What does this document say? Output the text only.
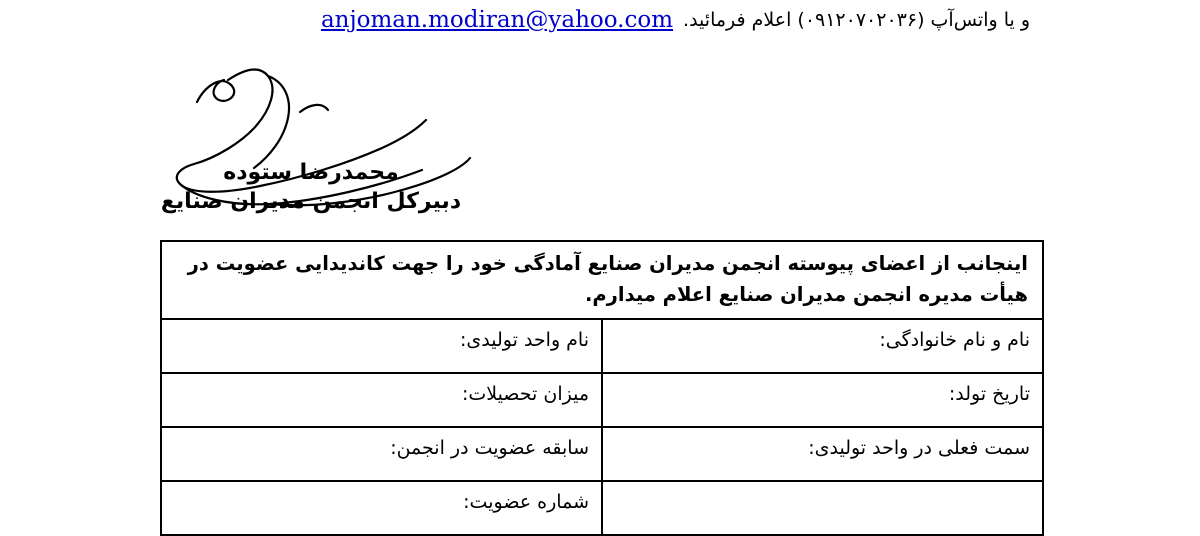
و یا واتس‌آپ (۰۹۱۲۰۷۰۲۰۳۶) اعلام فرمائید.
anjoman.modiran@yahoo.com
محمدرضا ستوده
دبیرکل انجمن مدیران صنایع
اینجانب از اعضای پیوسته انجمن مدیران صنایع آمادگی خود را جهت کاندیدایی عضویت در هیأت مدیره انجمن مدیران صنایع اعلام میدارم.	

نام و نام خانوادگی:	نام واحد تولیدی:

تاریخ تولد:	میزان تحصیلات:

سمت فعلی در واحد تولیدی:	سابقه عضویت در انجمن:

	شماره عضویت:
